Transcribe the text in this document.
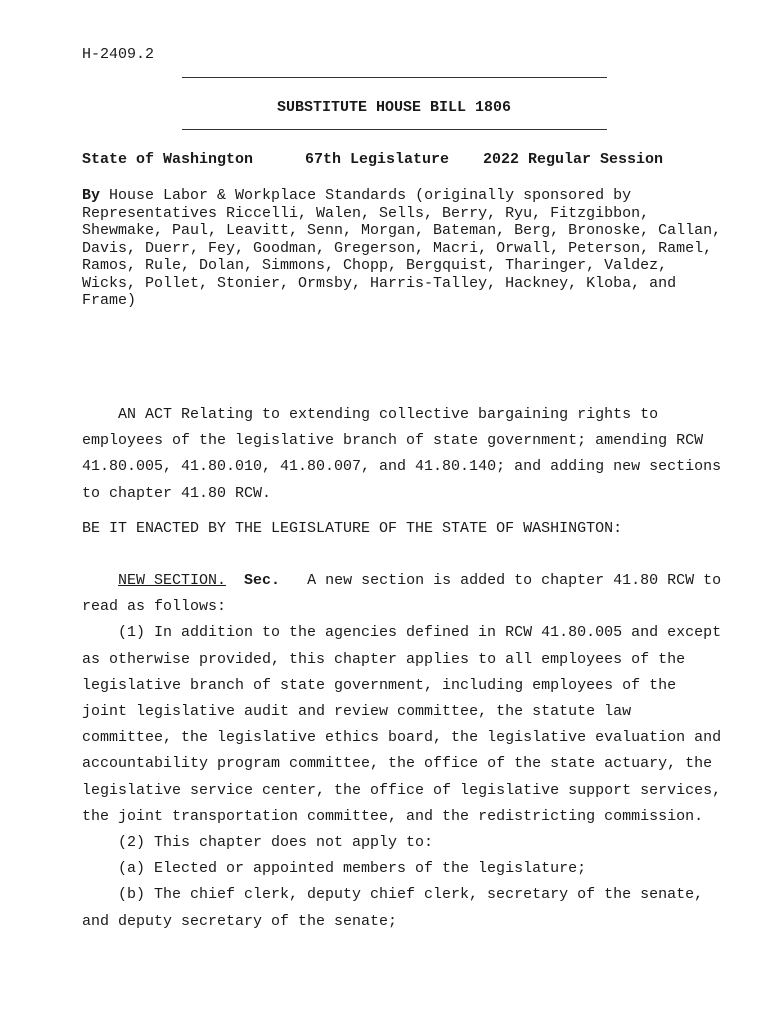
H-2409.2
SUBSTITUTE HOUSE BILL 1806

State of Washington

	67th Legislature

2022 Regular Session

By House Labor & Workplace Standards (originally sponsored by Representatives Riccelli, Walen, Sells, Berry, Ryu, Fitzgibbon, Shewmake, Paul, Leavitt, Senn, Morgan, Bateman, Berg, Bronoske, Callan, Davis, Duerr, Fey, Goodman, Gregerson, Macri, Orwall, Peterson, Ramel, Ramos, Rule, Dolan, Simmons, Chopp, Bergquist, Tharinger, Valdez, Wicks, Pollet, Stonier, Ormsby, Harris-Talley, Hackney, Kloba, and Frame)

AN ACT Relating to extending collective bargaining rights to employees of the legislative branch of state government; amending RCW 41.80.005, 41.80.010, 41.80.007, and 41.80.140; and adding new sections to chapter 41.80 RCW.

BE IT ENACTED BY THE LEGISLATURE OF THE STATE OF WASHINGTON:

NEW SECTION. Sec. A new section is added to chapter 41.80 RCW to read as follows:

(1) In addition to the agencies defined in RCW 41.80.005 and except as otherwise provided, this chapter applies to all employees of the legislative branch of state government, including employees of the joint legislative audit and review committee, the statute law committee, the legislative ethics board, the legislative evaluation and accountability program committee, the office of the state actuary, the legislative service center, the office of legislative support services, the joint transportation committee, and the redistricting commission.

(2) This chapter does not apply to:

(a) Elected or appointed members of the legislature;

(b) The chief clerk, deputy chief clerk, secretary of the senate, and deputy secretary of the senate;
